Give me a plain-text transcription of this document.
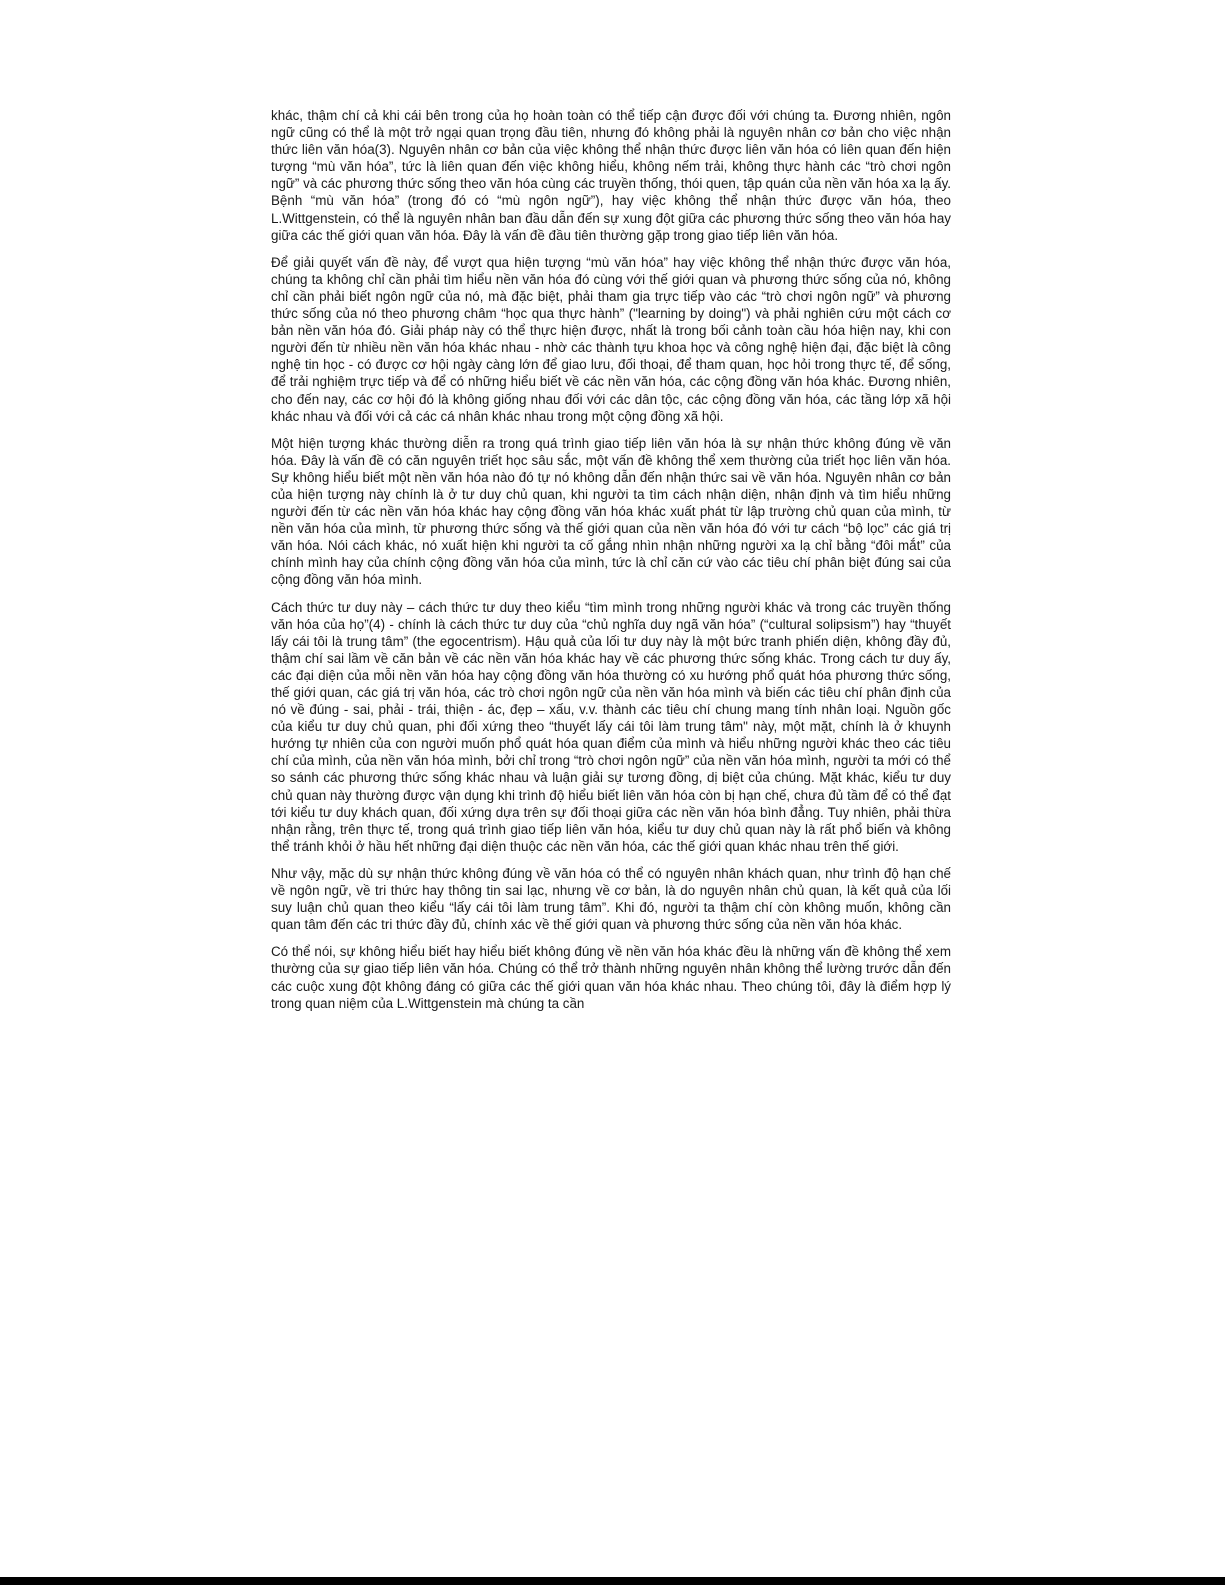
khác, thậm chí cả khi cái bên trong của họ hoàn toàn có thể tiếp cận được đối với chúng ta. Đương nhiên, ngôn ngữ cũng có thể là một trở ngại quan trọng đầu tiên, nhưng đó không phải là nguyên nhân cơ bản cho việc nhận thức liên văn hóa(3). Nguyên nhân cơ bản của việc không thể nhận thức được liên văn hóa có liên quan đến hiện tượng “mù văn hóa”, tức là liên quan đến việc không hiểu, không nếm trải, không thực hành các “trò chơi ngôn ngữ” và các phương thức sống theo văn hóa cùng các truyền thống, thói quen, tập quán của nền văn hóa xa lạ ấy. Bệnh “mù văn hóa” (trong đó có “mù ngôn ngữ”), hay việc không thể nhận thức được văn hóa, theo L.Wittgenstein, có thể là nguyên nhân ban đầu dẫn đến sự xung đột giữa các phương thức sống theo văn hóa hay giữa các thế giới quan văn hóa. Đây là vấn đề đầu tiên thường gặp trong giao tiếp liên văn hóa.

Để giải quyết vấn đề này, để vượt qua hiện tượng “mù văn hóa” hay việc không thể nhận thức được văn hóa, chúng ta không chỉ cần phải tìm hiểu nền văn hóa đó cùng với thế giới quan và phương thức sống của nó, không chỉ cần phải biết ngôn ngữ của nó, mà đặc biệt, phải tham gia trực tiếp vào các “trò chơi ngôn ngữ” và phương thức sống của nó theo phương châm “học qua thực hành” ("learning by doing") và phải nghiên cứu một cách cơ bản nền văn hóa đó. Giải pháp này có thể thực hiện được, nhất là trong bối cảnh toàn cầu hóa hiện nay, khi con người đến từ nhiều nền văn hóa khác nhau - nhờ các thành tựu khoa học và công nghệ hiện đại, đặc biệt là công nghệ tin học - có được cơ hội ngày càng lớn để giao lưu, đối thoại, để tham quan, học hỏi trong thực tế, để sống, để trải nghiệm trực tiếp và để có những hiểu biết về các nền văn hóa, các cộng đồng văn hóa khác. Đương nhiên, cho đến nay, các cơ hội đó là không giống nhau đối với các dân tộc, các cộng đồng văn hóa, các tầng lớp xã hội khác nhau và đối với cả các cá nhân khác nhau trong một cộng đồng xã hội.

Một hiện tượng khác thường diễn ra trong quá trình giao tiếp liên văn hóa là sự nhận thức không đúng về văn hóa. Đây là vấn đề có căn nguyên triết học sâu sắc, một vấn đề không thể xem thường của triết học liên văn hóa. Sự không hiểu biết một nền văn hóa nào đó tự nó không dẫn đến nhận thức sai về văn hóa. Nguyên nhân cơ bản của hiện tượng này chính là ở tư duy chủ quan, khi người ta tìm cách nhận diện, nhận định và tìm hiểu những người đến từ các nền văn hóa khác hay cộng đồng văn hóa khác xuất phát từ lập trường chủ quan của mình, từ nền văn hóa của mình, từ phương thức sống và thế giới quan của nền văn hóa đó với tư cách “bộ lọc” các giá trị văn hóa. Nói cách khác, nó xuất hiện khi người ta cố gắng nhìn nhận những người xa lạ chỉ bằng “đôi mắt” của chính mình hay của chính cộng đồng văn hóa của mình, tức là chỉ căn cứ vào các tiêu chí phân biệt đúng sai của cộng đồng văn hóa mình.

Cách thức tư duy này – cách thức tư duy theo kiểu “tìm mình trong những người khác và trong các truyền thống văn hóa của họ”(4) - chính là cách thức tư duy của “chủ nghĩa duy ngã văn hóa” (“cultural solipsism”) hay “thuyết lấy cái tôi là trung tâm” (the egocentrism). Hậu quả của lối tư duy này là một bức tranh phiến diện, không đầy đủ, thậm chí sai lầm về căn bản về các nền văn hóa khác hay về các phương thức sống khác. Trong cách tư duy ấy, các đại diện của mỗi nền văn hóa hay cộng đồng văn hóa thường có xu hướng phổ quát hóa phương thức sống, thế giới quan, các giá trị văn hóa, các trò chơi ngôn ngữ của nền văn hóa mình và biến các tiêu chí phân định của nó về đúng - sai, phải - trái, thiện - ác, đẹp – xấu, v.v. thành các tiêu chí chung mang tính nhân loại. Nguồn gốc của kiểu tư duy chủ quan, phi đối xứng theo “thuyết lấy cái tôi làm trung tâm" này, một mặt, chính là ở khuynh hướng tự nhiên của con người muốn phổ quát hóa quan điểm của mình và hiểu những người khác theo các tiêu chí của mình, của nền văn hóa mình, bởi chỉ trong “trò chơi ngôn ngữ” của nền văn hóa mình, người ta mới có thể so sánh các phương thức sống khác nhau và luận giải sự tương đồng, dị biệt của chúng. Mặt khác, kiểu tư duy chủ quan này thường được vận dụng khi trình độ hiểu biết liên văn hóa còn bị hạn chế, chưa đủ tầm để có thể đạt tới kiểu tư duy khách quan, đối xứng dựa trên sự đối thoại giữa các nền văn hóa bình đẳng. Tuy nhiên, phải thừa nhận rằng, trên thực tế, trong quá trình giao tiếp liên văn hóa, kiểu tư duy chủ quan này là rất phổ biến và không thể tránh khỏi ở hầu hết những đại diện thuộc các nền văn hóa, các thế giới quan khác nhau trên thế giới.

Như vậy, mặc dù sự nhận thức không đúng về văn hóa có thể có nguyên nhân khách quan, như trình độ hạn chế về ngôn ngữ, về tri thức hay thông tin sai lạc, nhưng về cơ bản, là do nguyên nhân chủ quan, là kết quả của lối suy luận chủ quan theo kiểu “lấy cái tôi làm trung tâm”. Khi đó, người ta thậm chí còn không muốn, không cần quan tâm đến các tri thức đầy đủ, chính xác về thế giới quan và phương thức sống của nền văn hóa khác.

Có thể nói, sự không hiểu biết hay hiểu biết không đúng về nền văn hóa khác đều là những vấn đề không thể xem thường của sự giao tiếp liên văn hóa. Chúng có thể trở thành những nguyên nhân không thể lường trước dẫn đến các cuộc xung đột không đáng có giữa các thế giới quan văn hóa khác nhau. Theo chúng tôi, đây là điểm hợp lý trong quan niệm của L.Wittgenstein mà chúng ta cần
